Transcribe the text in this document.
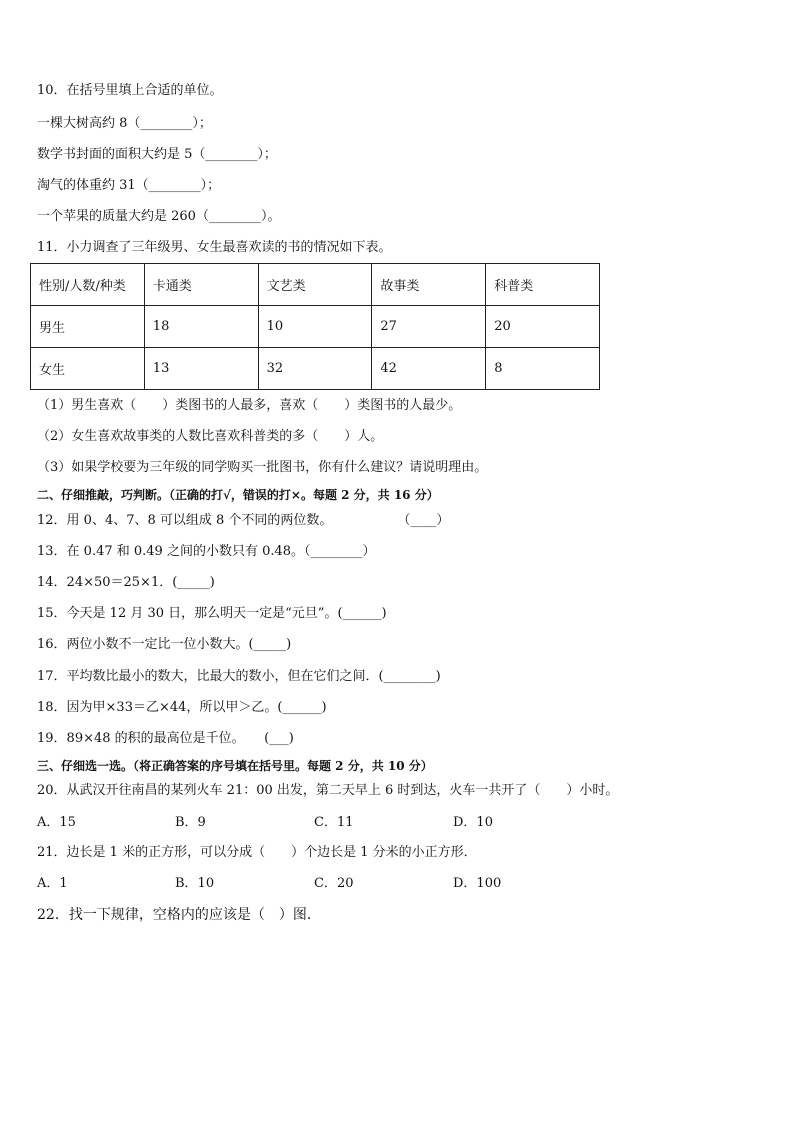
10．在括号里填上合适的单位。
一棵大树高约 8（________）；
数学书封面的面积大约是 5（________）；
淘气的体重约 31（________）；
一个苹果的质量大约是 260（________）。
11．小力调查了三年级男、女生最喜欢读的书的情况如下表。
性别/人数/种类	卡通类	文艺类	故事类	科普类
男生	18	10	27	20
女生	13	32	42	8
（1）男生喜欢（　　）类图书的人最多，喜欢（　　）类图书的人最少。
（2）女生喜欢故事类的人数比喜欢科普类的多（　　）人。
（3）如果学校要为三年级的同学购买一批图书，你有什么建议？请说明理由。
二、仔细推敲，巧判断。（正确的打√，错误的打×。每题 2 分，共 16 分）
12．用 0、4、7、8 可以组成 8 个不同的两位数。　　　　　　（____）
13．在 0.47 和 0.49 之间的小数只有 0.48。（________）
14．24×50＝25×1．(_____)
15．今天是 12 月 30 日，那么明天一定是“元旦”。(______)
16．两位小数不一定比一位小数大。(_____)
17．平均数比最小的数大，比最大的数小，但在它们之间．(________)
18．因为甲×33＝乙×44，所以甲＞乙。(______)
19．89×48 的积的最高位是千位。　　(___)
三、仔细选一选。（将正确答案的序号填在括号里。每题 2 分，共 10 分）
20．从武汉开往南昌的某列火车 21：00 出发，第二天早上 6 时到达，火车一共开了（　　）小时。
A．15	B．9	C．11	D．10
21．边长是 1 米的正方形，可以分成（　　）个边长是 1 分米的小正方形．
A．1	B．10	C．20	D．100
22．找一下规律，空格内的应该是（　）图．
